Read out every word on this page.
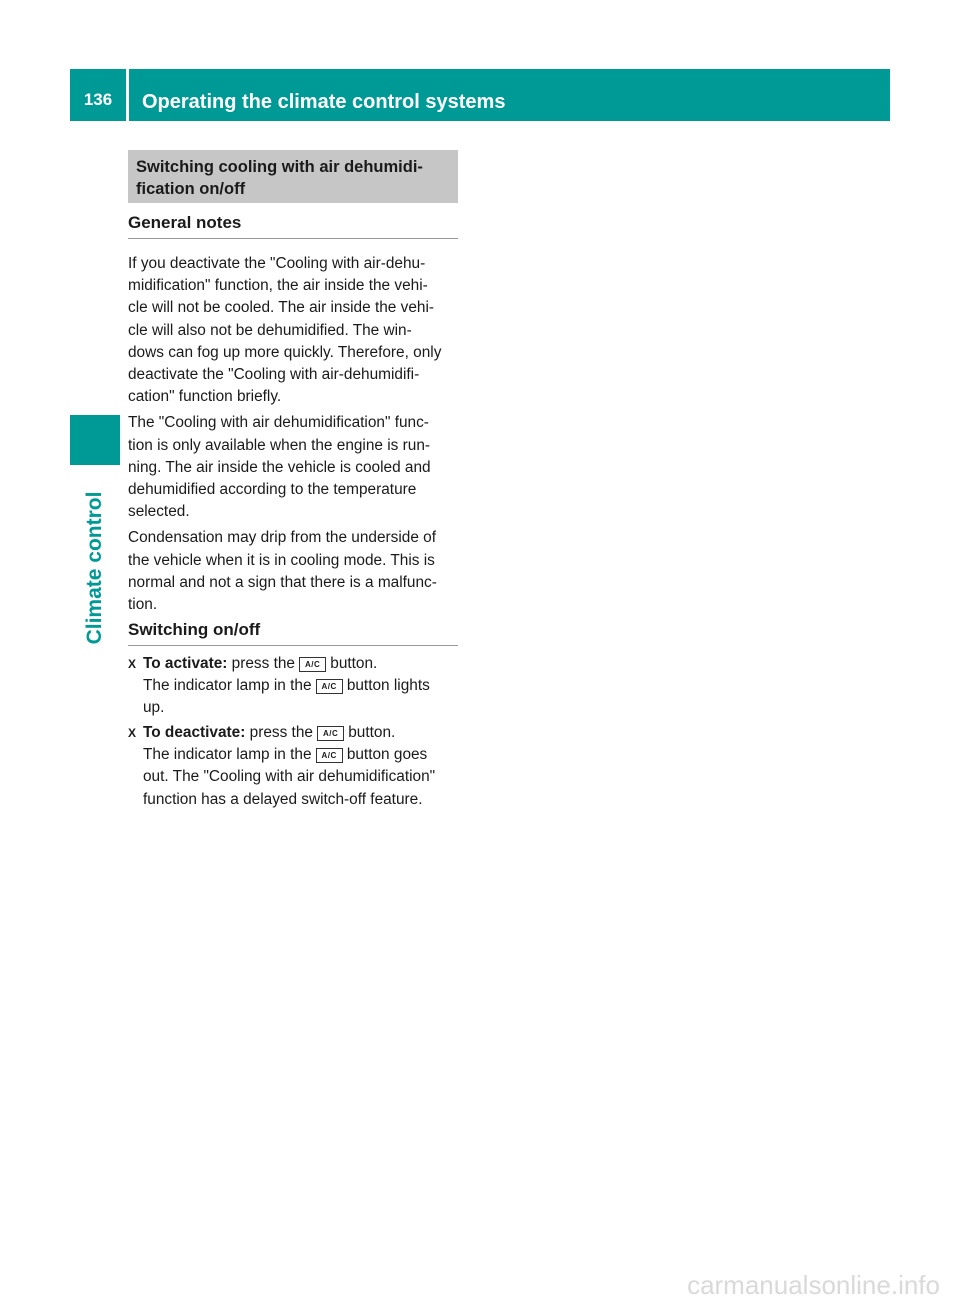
136	Operating the climate control systems
Climate control
Switching cooling with air dehumidi-
fication on/off
General notes

If you deactivate the "Cooling with air-dehu-
midification" function, the air inside the vehi-
cle will not be cooled. The air inside the vehi-
cle will also not be dehumidified. The win-
dows can fog up more quickly. Therefore, only
deactivate the "Cooling with air-dehumidifi-
cation" function briefly.

The "Cooling with air dehumidification" func-
tion is only available when the engine is run-
ning. The air inside the vehicle is cooled and
dehumidified according to the temperature
selected.

Condensation may drip from the underside of
the vehicle when it is in cooling mode. This is
normal and not a sign that there is a malfunc-
tion.

Switching on/off
X To activate: press the A/C button.
The indicator lamp in the A/C button lights
up.
X To deactivate: press the A/C button.
The indicator lamp in the A/C button goes
out. The "Cooling with air dehumidification"
function has a delayed switch-off feature.
carmanualsonline.info
